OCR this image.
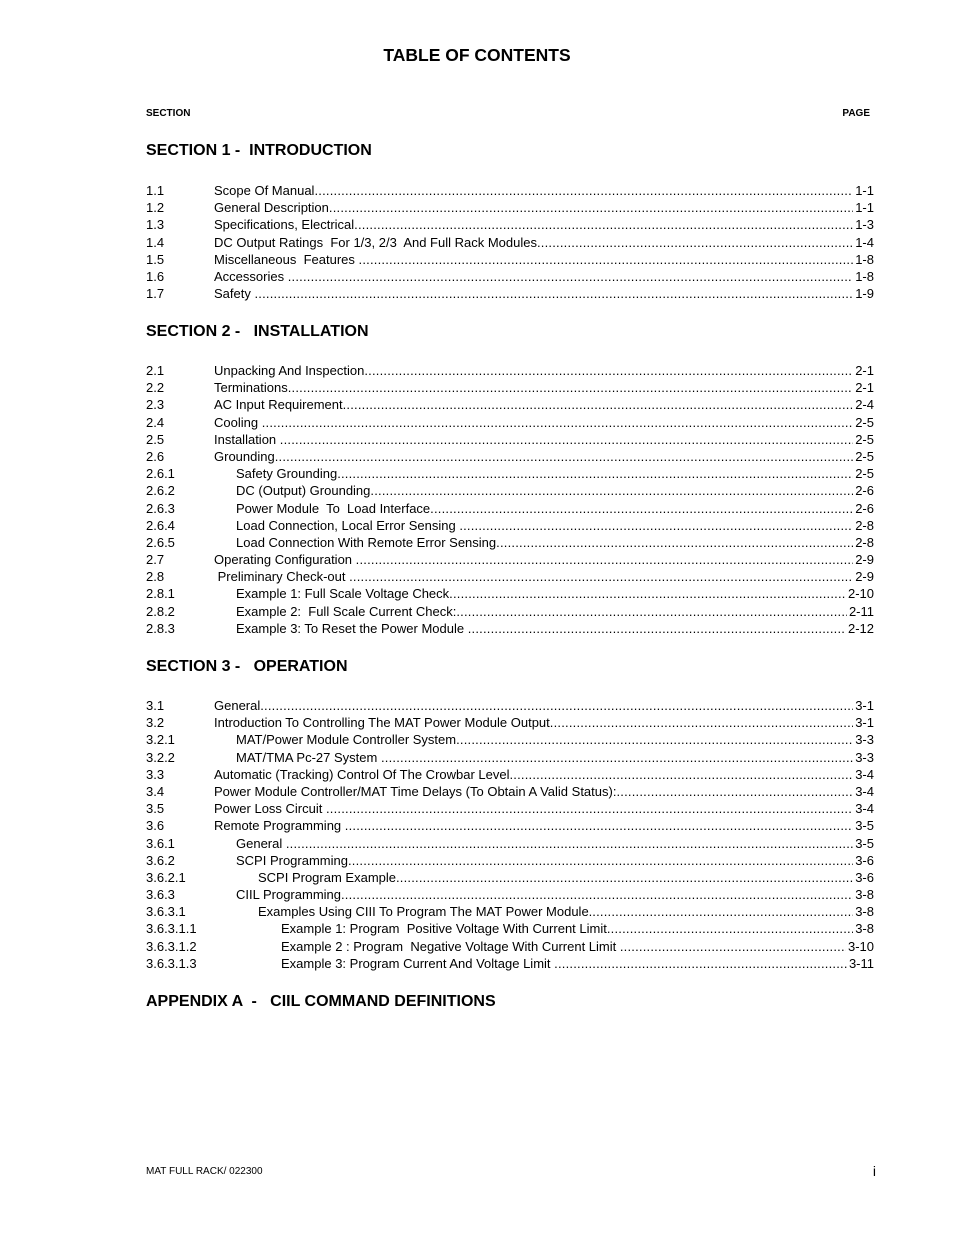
TABLE OF CONTENTS
SECTION	PAGE
SECTION 1 -  INTRODUCTION
1.1	Scope Of Manual .....	1-1
1.2	General Description .....	1-1
1.3	Specifications, Electrical .....	1-3
1.4	DC Output Ratings  For 1/3, 2/3  And Full Rack Modules .....	1-4
1.5	Miscellaneous  Features .....	1-8
1.6	Accessories .....	1-8
1.7	Safety .....	1-9
SECTION 2 -   INSTALLATION
2.1	Unpacking And Inspection .....	2-1
2.2	Terminations .....	2-1
2.3	AC Input Requirement .....	2-4
2.4	Cooling .....	2-5
2.5	Installation .....	2-5
2.6	Grounding .....	2-5
2.6.1	Safety Grounding .....	2-5
2.6.2	DC (Output) Grounding .....	2-6
2.6.3	Power Module  To  Load Interface .....	2-6
2.6.4	Load Connection, Local Error Sensing .....	2-8
2.6.5	Load Connection With Remote Error Sensing .....	2-8
2.7	Operating Configuration .....	2-9
2.8	Preliminary Check-out .....	2-9
2.8.1	Example 1: Full Scale Voltage Check .....	2-10
2.8.2	Example 2:  Full Scale Current Check: .....	2-11
2.8.3	Example 3: To Reset the Power Module .....	2-12
SECTION 3 -   OPERATION
3.1	General .....	3-1
3.2	Introduction To Controlling The MAT Power Module Output .....	3-1
3.2.1	MAT/Power Module Controller System .....	3-3
3.2.2	MAT/TMA Pc-27 System .....	3-3
3.3	Automatic (Tracking) Control Of The Crowbar Level .....	3-4
3.4	Power Module Controller/MAT Time Delays (To Obtain A Valid Status): .....	3-4
3.5	Power Loss Circuit .....	3-4
3.6	Remote Programming .....	3-5
3.6.1	General .....	3-5
3.6.2	SCPI Programming .....	3-6
3.6.2.1	SCPI Program Example .....	3-6
3.6.3	CIIL Programming .....	3-8
3.6.3.1	Examples Using CIII To Program The MAT Power Module. .....	3-8
3.6.3.1.1	Example 1: Program  Positive Voltage With Current Limit .....	3-8
3.6.3.1.2	Example 2 : Program  Negative Voltage With Current Limit .....	3-10
3.6.3.1.3	Example 3: Program Current And Voltage Limit .....	3-11
APPENDIX A  -   CIIL COMMAND DEFINITIONS
MAT FULL RACK/ 022300	i
